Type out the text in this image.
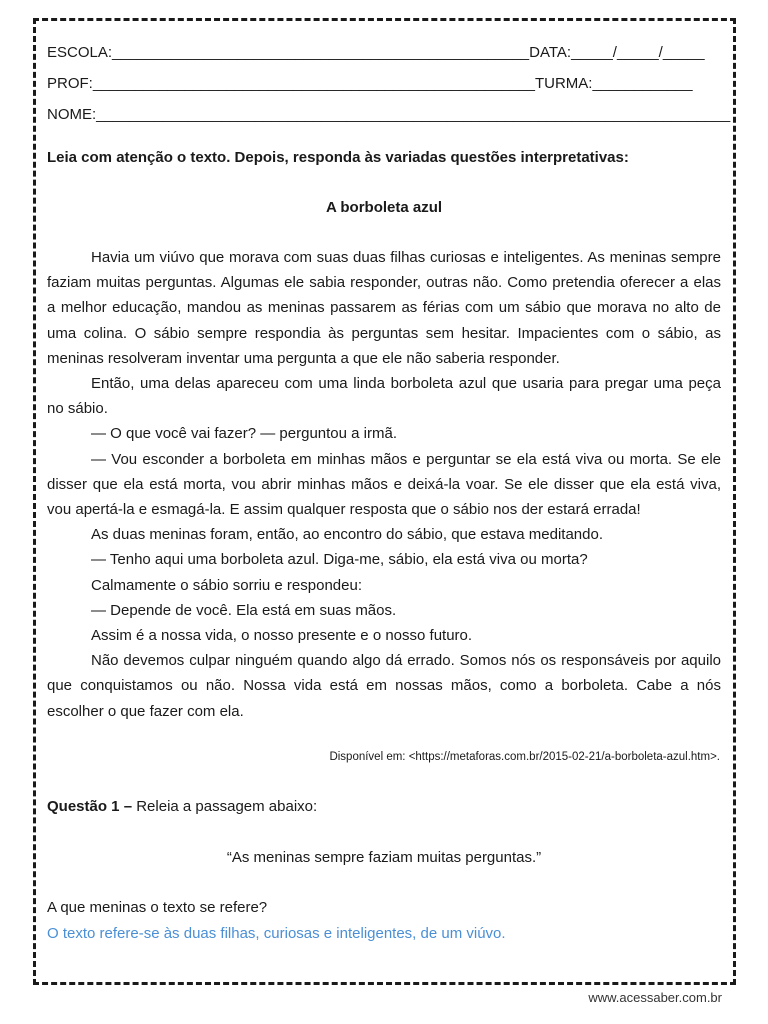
ESCOLA:__________________________________________________DATA:_____/_____/_____
PROF:_____________________________________________________TURMA:____________
NOME:____________________________________________________________________________
Leia com atenção o texto. Depois, responda às variadas questões interpretativas:
A borboleta azul

Havia um viúvo que morava com suas duas filhas curiosas e inteligentes. As meninas sempre faziam muitas perguntas. Algumas ele sabia responder, outras não. Como pretendia oferecer a elas a melhor educação, mandou as meninas passarem as férias com um sábio que morava no alto de uma colina. O sábio sempre respondia às perguntas sem hesitar. Impacientes com o sábio, as meninas resolveram inventar uma pergunta a que ele não saberia responder.

Então, uma delas apareceu com uma linda borboleta azul que usaria para pregar uma peça no sábio.

— O que você vai fazer? — perguntou a irmã.

— Vou esconder a borboleta em minhas mãos e perguntar se ela está viva ou morta. Se ele disser que ela está morta, vou abrir minhas mãos e deixá-la voar. Se ele disser que ela está viva, vou apertá-la e esmagá-la. E assim qualquer resposta que o sábio nos der estará errada!

As duas meninas foram, então, ao encontro do sábio, que estava meditando.

— Tenho aqui uma borboleta azul. Diga-me, sábio, ela está viva ou morta?

Calmamente o sábio sorriu e respondeu:

— Depende de você. Ela está em suas mãos.

Assim é a nossa vida, o nosso presente e o nosso futuro.

Não devemos culpar ninguém quando algo dá errado. Somos nós os responsáveis por aquilo que conquistamos ou não. Nossa vida está em nossas mãos, como a borboleta. Cabe a nós escolher o que fazer com ela.

Disponível em: <https://metaforas.com.br/2015-02-21/a-borboleta-azul.htm>.
Questão 1 – Releia a passagem abaixo:
“As meninas sempre faziam muitas perguntas.”
A que meninas o texto se refere?
O texto refere-se às duas filhas, curiosas e inteligentes, de um viúvo.
www.acessaber.com.br
